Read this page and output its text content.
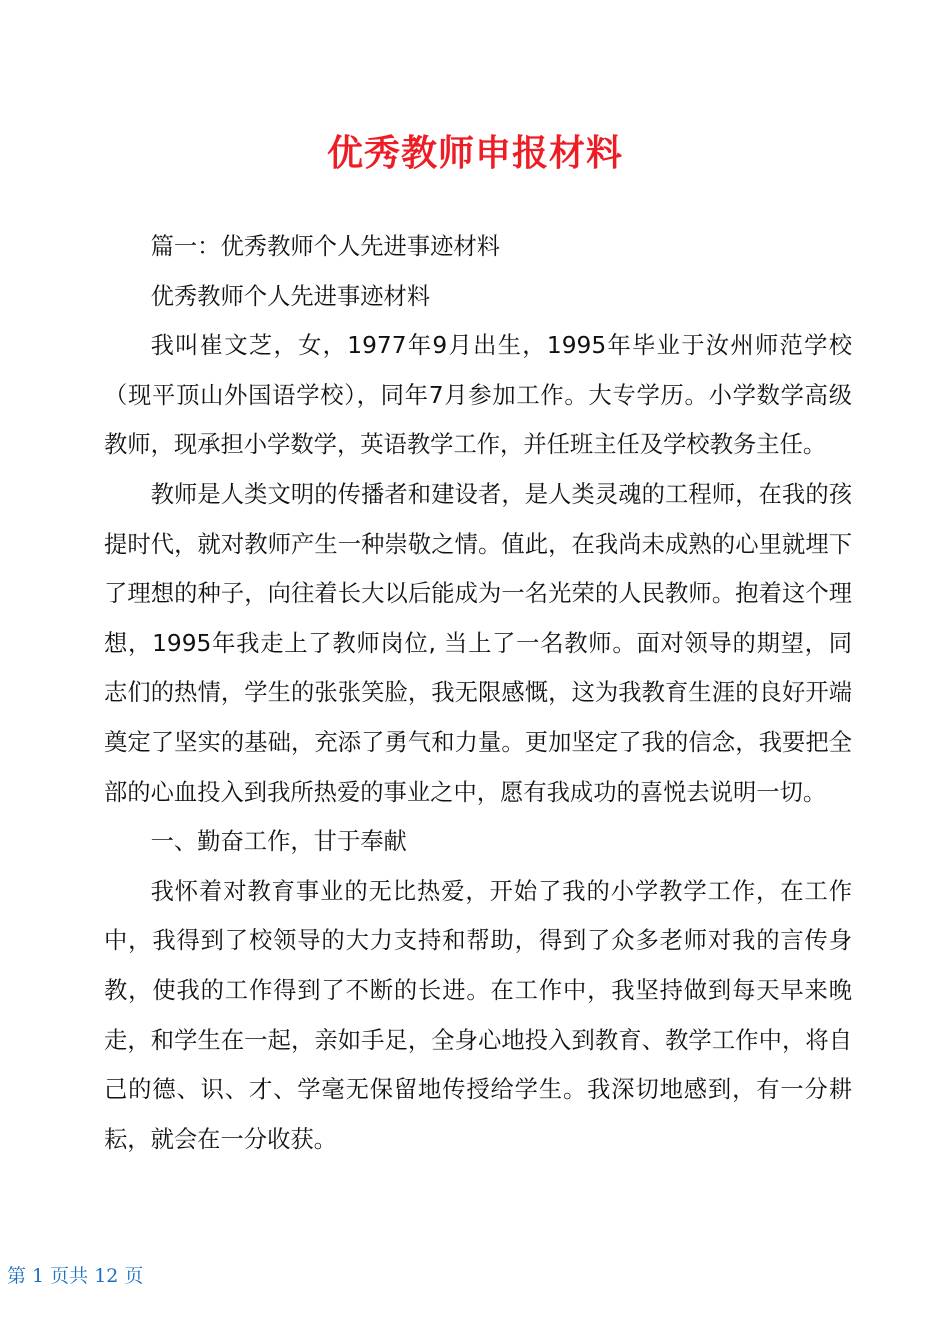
优秀教师申报材料

篇一：优秀教师个人先进事迹材料

优秀教师个人先进事迹材料

我叫崔文芝，女，1977年9月出生，1995年毕业于汝州师范学校（现平顶山外国语学校），同年7月参加工作。大专学历。小学数学高级教师，现承担小学数学，英语教学工作，并任班主任及学校教务主任。

教师是人类文明的传播者和建设者，是人类灵魂的工程师，在我的孩提时代，就对教师产生一种崇敬之情。值此，在我尚未成熟的心里就埋下了理想的种子，向往着长大以后能成为一名光荣的人民教师。抱着这个理想，1995年我走上了教师岗位, 当上了一名教师。面对领导的期望，同志们的热情，学生的张张笑脸，我无限感慨，这为我教育生涯的良好开端奠定了坚实的基础，充添了勇气和力量。更加坚定了我的信念，我要把全部的心血投入到我所热爱的事业之中，愿有我成功的喜悦去说明一切。

一、勤奋工作，甘于奉献

我怀着对教育事业的无比热爱，开始了我的小学教学工作，在工作中，我得到了校领导的大力支持和帮助，得到了众多老师对我的言传身教，使我的工作得到了不断的长进。在工作中，我坚持做到每天早来晚走，和学生在一起，亲如手足，全身心地投入到教育、教学工作中，将自己的德、识、才、学毫无保留地传授给学生。我深切地感到，有一分耕耘，就会在一分收获。

第 1 页共 12 页
